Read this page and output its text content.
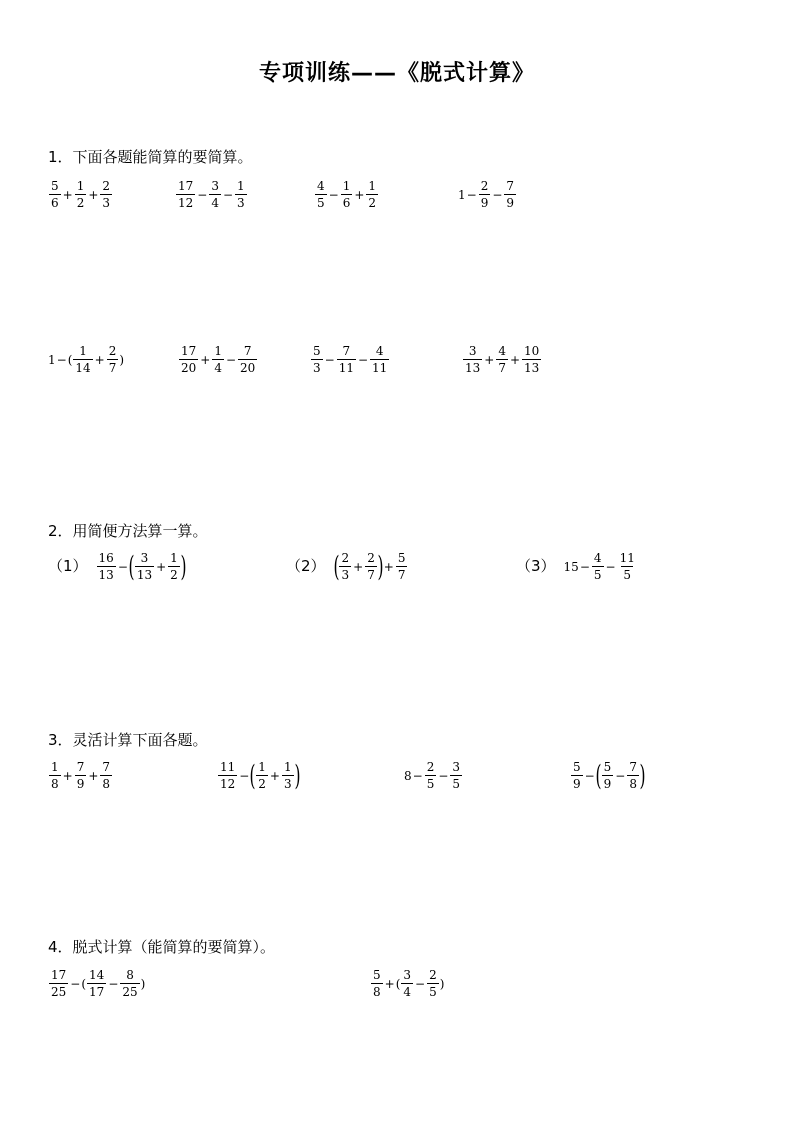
专项训练——《脱式计算》
1．下面各题能简算的要简算。
$\frac{5}{6} + \frac{1}{2} + \frac{2}{3}$	$\frac{17}{12} - \frac{3}{4} - \frac{1}{3}$	$\frac{4}{5} - \frac{1}{6} + \frac{1}{2}$	$1 - \frac{2}{9} - \frac{7}{9}$
1 − ( $\frac{1}{14} + \frac{2}{7}$ )	$\frac{17}{20} + \frac{1}{4} - \frac{7}{20}$	$\frac{5}{3} - \frac{7}{11} - \frac{4}{11}$	$\frac{3}{13} + \frac{4}{7} + \frac{10}{13}$
2．用简便方法算一算。
$(1) \frac{16}{13}$ − ( $\frac{3}{13} + \frac{1}{2}$ )	（2） ( $\frac{2}{3} + \frac{2}{7}$ ) + $\frac{5}{7}$	（3） $15 - \frac{4}{5} - \frac{11}{5}$
3．灵活计算下面各题。
$\frac{1}{8} + \frac{7}{9} + \frac{7}{8}$	$\frac{11}{12}$ − ( $\frac{1}{2} + \frac{1}{3}$ )	$8 - \frac{2}{5} - \frac{3}{5}$	$\frac{5}{9}$ − ( $\frac{5}{9} - \frac{7}{8}$ )
4．脱式计算（能简算的要简算）。
$\frac{17}{25}$ − ( $\frac{14}{17} - \frac{8}{25}$ )	$\frac{5}{8}$ + ( $\frac{3}{4} - \frac{2}{5}$ )
